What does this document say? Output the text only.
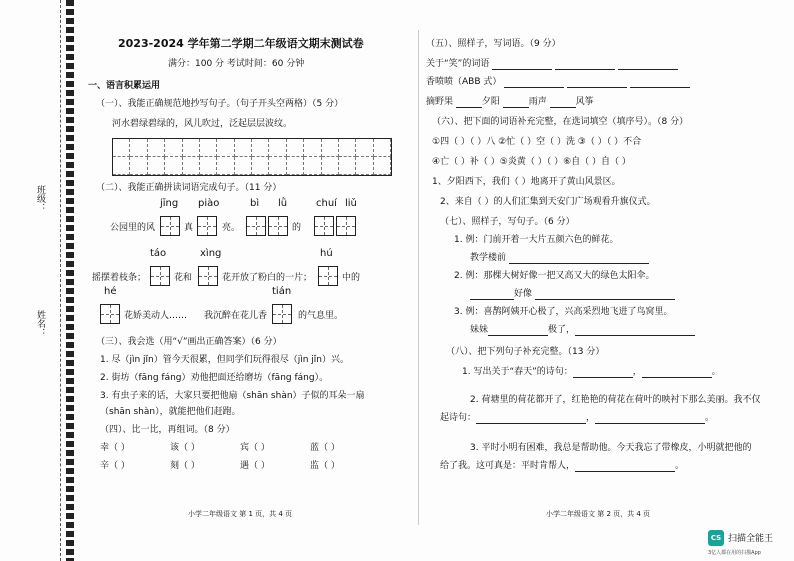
班级：
姓名：
2023-2024 学年第二学期二年级语文期末测试卷
满分：100 分 考试时间：60 分钟
一、语言积累运用
（一）、我能正确规范地抄写句子。（句子开头空两格）（5 分）
河水碧绿碧绿的，风儿吹过，泛起层层波纹。
（二）、我能正确拼读词语完成句子。（11 分）
jīng piào	bì lǜ	chuí liǔ
公园里的风	真	亮。	的
táo	xìng	hú
摇摆着枝条；	花和	花开放了粉白的一片；	中的
hé	tián
花娇美动人…… 我沉醉在花儿香	的气息里。
（三）、我会选（用“√”画出正确答案）（6 分）
1. 尽（jìn jǐn）管今天很累，但同学们玩得很尽（jìn jǐn）兴。
2. 街坊（fāng fáng）劝他把面还给磨坊（fāng fáng）。
3. 有虫子来的话，大家只要把他扇（shān shàn）子似的耳朵一扇
（shān shàn），就能把他们赶跑。
（四）、比一比，再组词。（8 分）
幸（ ）	该（ ）	宾（ ）	蓝（ ）
辛（ ）	刻（ ）	遇（ ）	监（ ）
小学二年级语文 第 1 页，共 4 页
（五）、照样子，写词语。（9 分）
关于“笑”的词语
香喷喷（ABB 式）
摘野果	夕阳	雨声	风筝
（六）、把下面的词语补充完整，在选词填空（填序号）。（8 分）
①四（ ）（ ）八 ②忙（ ）空（ ）洗 ③（ ）（ ）不合
④亡（ ）补（ ）⑤炎黄（ ）（ ）⑥自（ ）自（ ）
1、夕阳西下，我们（ ）地离开了黄山风景区。
2、来自（ ）的人们汇集到天安门广场观看升旗仪式。
（七）、照样子，写句子。（6 分）
1. 例：门前开着一大片五颜六色的鲜花。
教学楼前
2. 例：那棵大树好像一把又高又大的绿色太阳伞。
好像
3. 例：喜鹊阿姨开心极了，兴高采烈地飞进了鸟窝里。
妹妹	极了，
（八）、把下列句子补充完整。（13 分）
1. 写出关于“春天”的诗句：	，	。
2. 荷塘里的荷花都开了，红艳艳的荷花在荷叶的映衬下那么美丽。我不仅
起诗句：	，	。
3. 平时小明有困难，我总是帮助他。今天我忘了带橡皮，小明就把他的
给了我。这可真是：平时肯帮人，	。
小学二年级语文 第 2 页，共 4 页
CS 扫描全能王
3亿人都在用的扫描App
